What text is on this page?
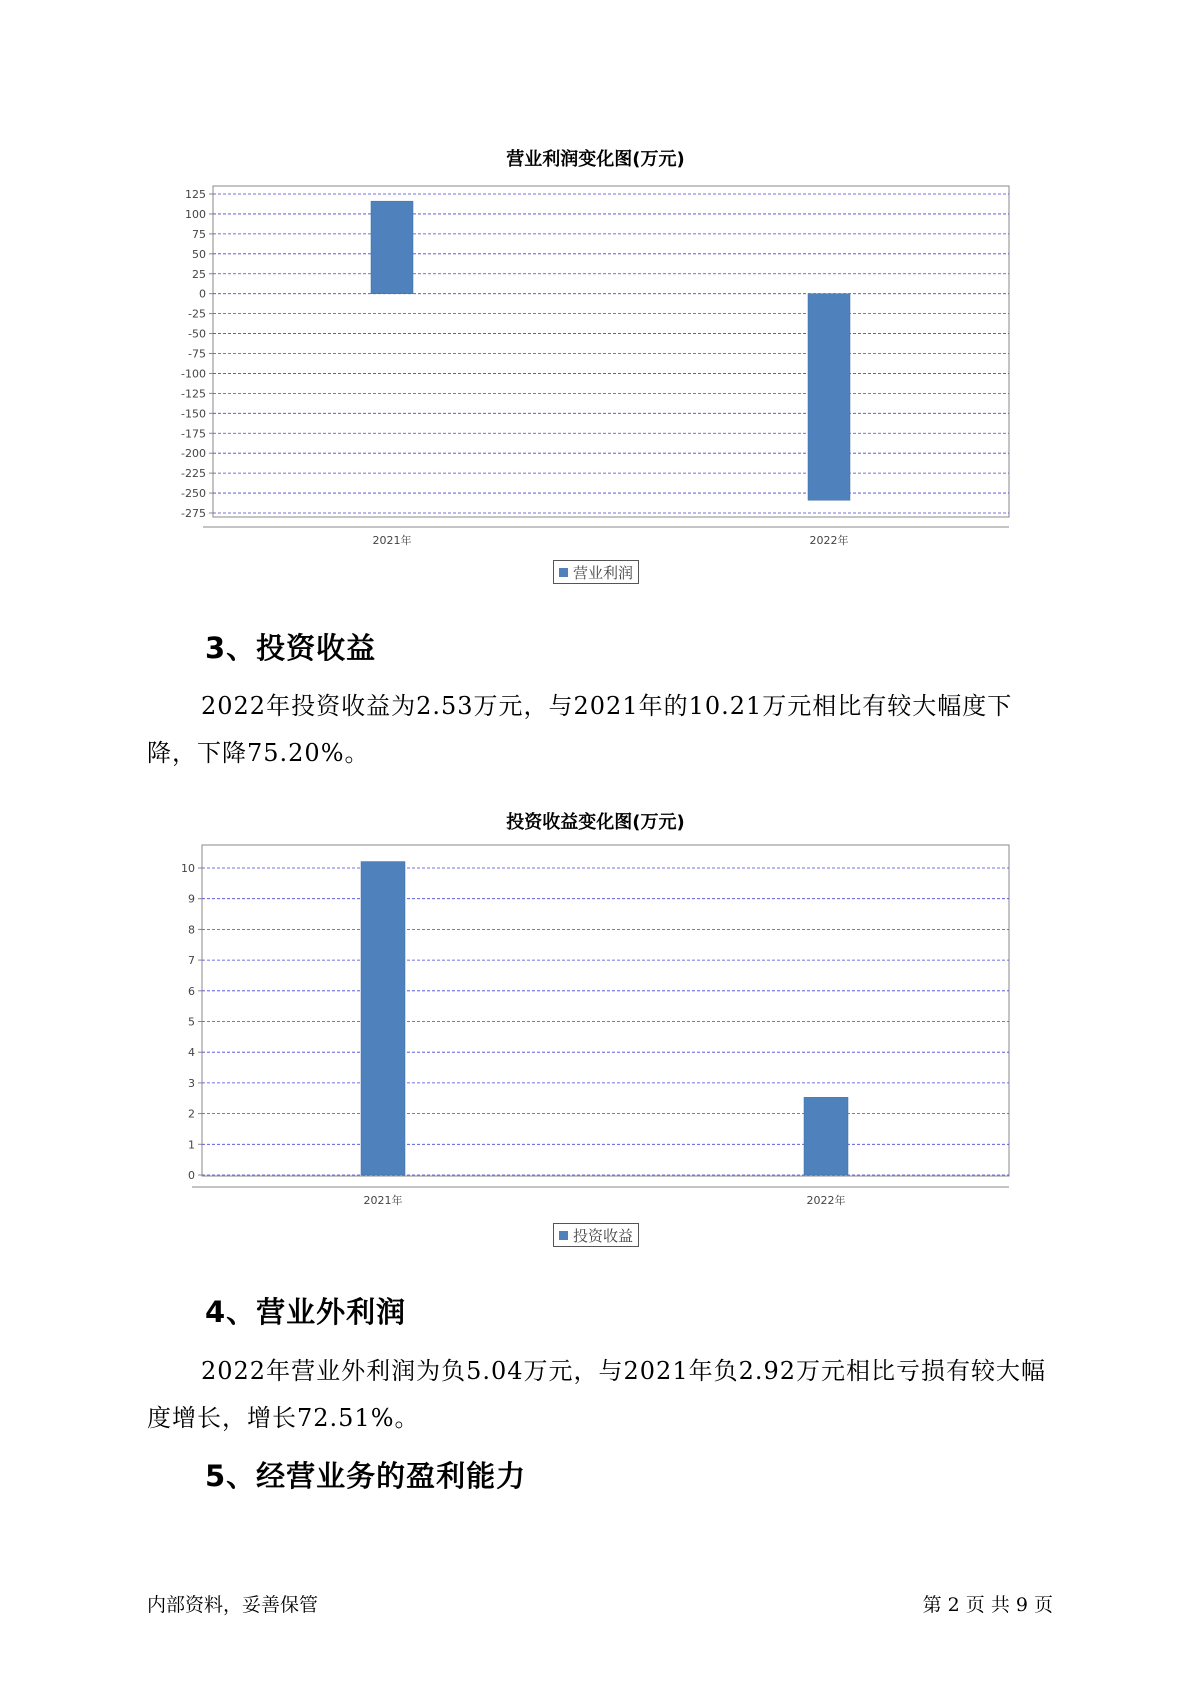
营业利润变化图(万元)
125
100
75
50
25
0
-25
-50
-75
-100
-125
-150
-175
-200
-225
-250
-275
2021年	2022年
营业利润
3、投资收益
2022年投资收益为2.53万元，与2021年的10.21万元相比有较大幅度下降，下降75.20%。
投资收益变化图(万元)
10
9
8
7
6
5
4
3
2
1
0
2021年	2022年
投资收益
4、营业外利润
2022年营业外利润为负5.04万元，与2021年负2.92万元相比亏损有较大幅度增长，增长72.51%。
5、经营业务的盈利能力
内部资料，妥善保管	第 2 页 共 9 页
